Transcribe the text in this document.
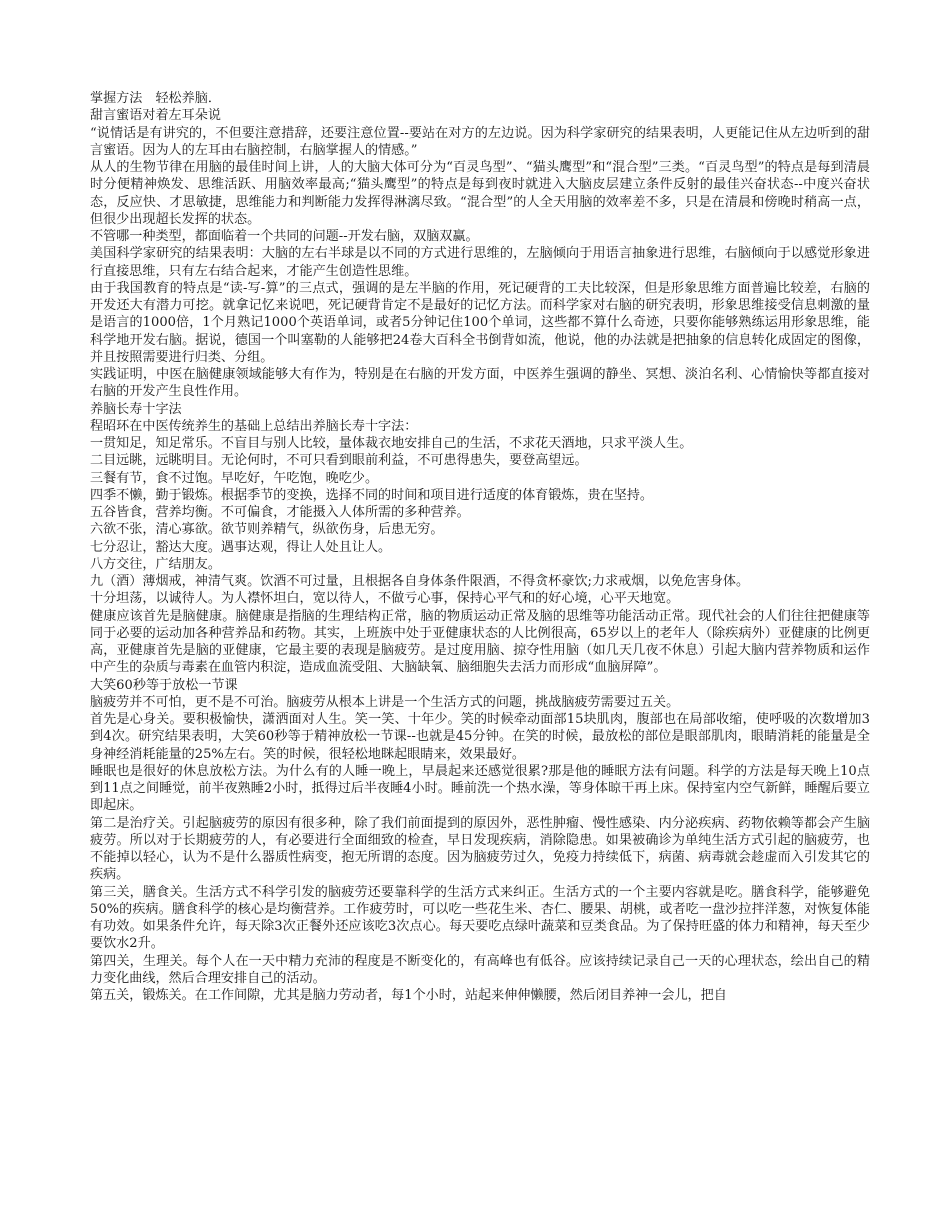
掌握方法　轻松养脑．

甜言蜜语对着左耳朵说

“说情话是有讲究的，不但要注意措辞，还要注意位置--要站在对方的左边说。因为科学家研究的结果表明，人更能记住从左边听到的甜言蜜语。因为人的左耳由右脑控制，右脑掌握人的情感。”

从人的生物节律在用脑的最佳时间上讲，人的大脑大体可分为“百灵鸟型”、“猫头鹰型”和“混合型”三类。“百灵鸟型”的特点是每到清晨时分便精神焕发、思维活跃、用脑效率最高;“猫头鹰型”的特点是每到夜时就进入大脑皮层建立条件反射的最佳兴奋状态--中度兴奋状态，反应快、才思敏捷，思维能力和判断能力发挥得淋漓尽致。“混合型”的人全天用脑的效率差不多，只是在清晨和傍晚时稍高一点，但很少出现超长发挥的状态。

不管哪一种类型，都面临着一个共同的问题--开发右脑，双脑双赢。

美国科学家研究的结果表明：大脑的左右半球是以不同的方式进行思维的，左脑倾向于用语言抽象进行思维，右脑倾向于以感觉形象进行直接思维，只有左右结合起来，才能产生创造性思维。

由于我国教育的特点是“读-写-算”的三点式，强调的是左半脑的作用，死记硬背的工夫比较深，但是形象思维方面普遍比较差，右脑的开发还大有潜力可挖。就拿记忆来说吧，死记硬背肯定不是最好的记忆方法。而科学家对右脑的研究表明，形象思维接受信息刺激的量是语言的1000倍，1个月熟记1000个英语单词，或者5分钟记住100个单词，这些都不算什么奇迹，只要你能够熟练运用形象思维，能科学地开发右脑。据说，德国一个叫塞勒的人能够把24卷大百科全书倒背如流，他说，他的办法就是把抽象的信息转化成固定的图像，并且按照需要进行归类、分组。

实践证明，中医在脑健康领域能够大有作为，特别是在右脑的开发方面，中医养生强调的静坐、冥想、淡泊名利、心情愉快等都直接对右脑的开发产生良性作用。

养脑长寿十字法

程昭环在中医传统养生的基础上总结出养脑长寿十字法：

一贯知足，知足常乐。不盲目与别人比较，量体裁衣地安排自己的生活，不求花天酒地，只求平淡人生。

二目远眺，远眺明目。无论何时，不可只看到眼前利益，不可患得患失，要登高望远。

三餐有节，食不过饱。早吃好，午吃饱，晚吃少。

四季不懒，勤于锻炼。根据季节的变换，选择不同的时间和项目进行适度的体育锻炼，贵在坚持。

五谷皆食，营养均衡。不可偏食，才能摄入人体所需的多种营养。

六欲不张，清心寡欲。欲节则养精气，纵欲伤身，后患无穷。

七分忍让，豁达大度。遇事达观，得让人处且让人。

八方交往，广结朋友。

九（酒）薄烟戒，神清气爽。饮酒不可过量，且根据各自身体条件限酒，不得贪杯豪饮;力求戒烟，以免危害身体。

十分坦荡，以诚待人。为人襟怀坦白，宽以待人，不做亏心事，保持心平气和的好心境，心平天地宽。

健康应该首先是脑健康。脑健康是指脑的生理结构正常，脑的物质运动正常及脑的思维等功能活动正常。现代社会的人们往往把健康等同于必要的运动加各种营养品和药物。其实，上班族中处于亚健康状态的人比例很高，65岁以上的老年人（除疾病外）亚健康的比例更高，亚健康首先是脑的亚健康，它最主要的表现是脑疲劳。是过度用脑、掠夺性用脑（如几天几夜不休息）引起大脑内营养物质和运作中产生的杂质与毒素在血管内积淀，造成血流受阻、大脑缺氧、脑细胞失去活力而形成“血脑屏障”。

大笑60秒等于放松一节课

脑疲劳并不可怕，更不是不可治。脑疲劳从根本上讲是一个生活方式的问题，挑战脑疲劳需要过五关。

首先是心身关。要积极愉快，潇洒面对人生。笑一笑、十年少。笑的时候牵动面部15块肌肉，腹部也在局部收缩，使呼吸的次数增加3到4次。研究结果表明，大笑60秒等于精神放松一节课--也就是45分钟。在笑的时候，最放松的部位是眼部肌肉，眼睛消耗的能量是全身神经消耗能量的25%左右。笑的时候，很轻松地眯起眼睛来，效果最好。

睡眠也是很好的休息放松方法。为什么有的人睡一晚上，早晨起来还感觉很累?那是他的睡眠方法有问题。科学的方法是每天晚上10点到11点之间睡觉，前半夜熟睡2小时，抵得过后半夜睡4小时。睡前洗一个热水澡，等身体晾干再上床。保持室内空气新鲜，睡醒后要立即起床。

第二是治疗关。引起脑疲劳的原因有很多种，除了我们前面提到的原因外，恶性肿瘤、慢性感染、内分泌疾病、药物依赖等都会产生脑疲劳。所以对于长期疲劳的人，有必要进行全面细致的检查，早日发现疾病，消除隐患。如果被确诊为单纯生活方式引起的脑疲劳，也不能掉以轻心，认为不是什么器质性病变，抱无所谓的态度。因为脑疲劳过久，免疫力持续低下，病菌、病毒就会趁虚而入引发其它的疾病。

第三关，膳食关。生活方式不科学引发的脑疲劳还要靠科学的生活方式来纠正。生活方式的一个主要内容就是吃。膳食科学，能够避免50%的疾病。膳食科学的核心是均衡营养。工作疲劳时，可以吃一些花生米、杏仁、腰果、胡桃，或者吃一盘沙拉拌洋葱，对恢复体能有功效。如果条件允许，每天除3次正餐外还应该吃3次点心。每天要吃点绿叶蔬菜和豆类食品。为了保持旺盛的体力和精神，每天至少要饮水2升。

第四关，生理关。每个人在一天中精力充沛的程度是不断变化的，有高峰也有低谷。应该持续记录自己一天的心理状态，绘出自己的精力变化曲线，然后合理安排自己的活动。

第五关，锻炼关。在工作间隙，尤其是脑力劳动者，每1个小时，站起来伸伸懒腰，然后闭目养神一会儿，把自
